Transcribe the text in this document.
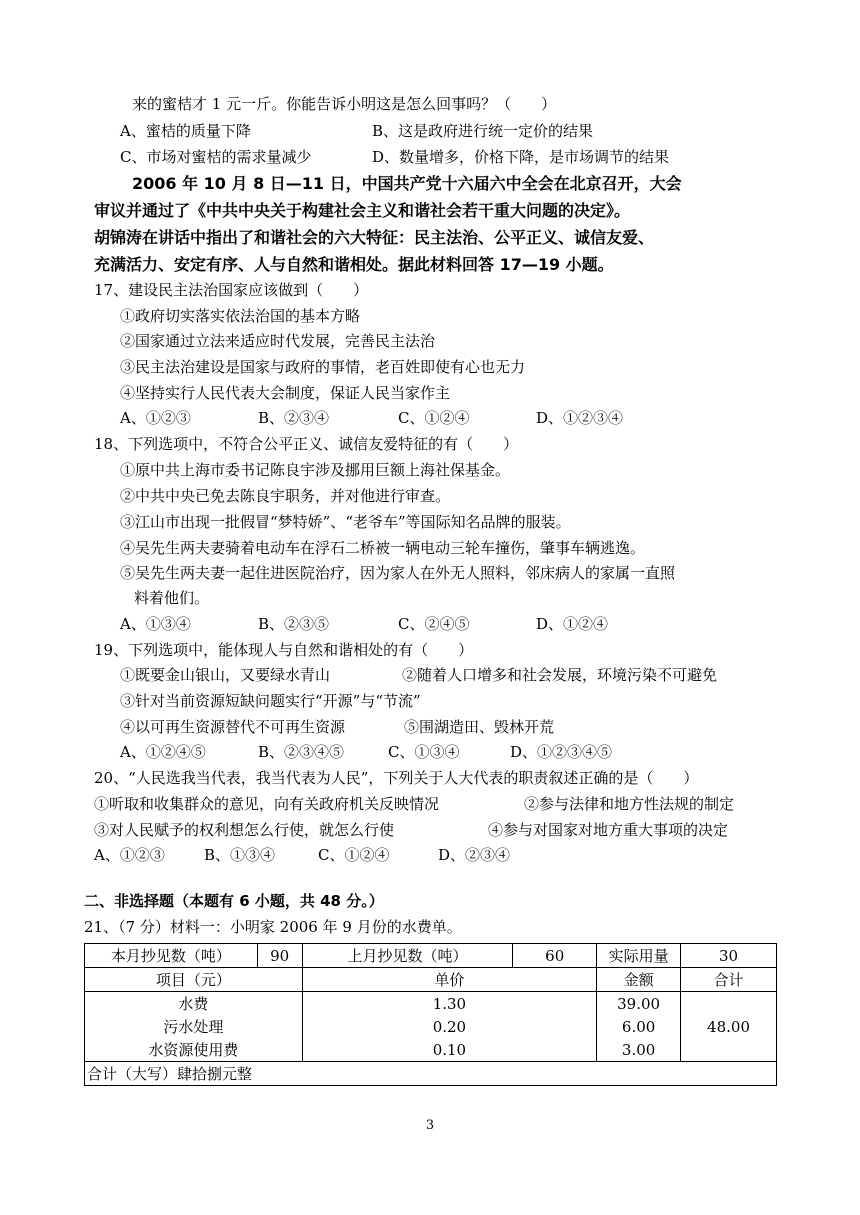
来的蜜桔才 1 元一斤。你能告诉小明这是怎么回事吗？（　　）
A、蜜桔的质量下降	B、这是政府进行统一定价的结果
C、市场对蜜桔的需求量减少	D、数量增多，价格下降，是市场调节的结果
2006 年 10 月 8 日—11 日，中国共产党十六届六中全会在北京召开，大会
审议并通过了《中共中央关于构建社会主义和谐社会若干重大问题的决定》。
胡锦涛在讲话中指出了和谐社会的六大特征：民主法治、公平正义、诚信友爱、
充满活力、安定有序、人与自然和谐相处。据此材料回答 17—19 小题。
17、建设民主法治国家应该做到（　　）
①政府切实落实依法治国的基本方略
②国家通过立法来适应时代发展，完善民主法治
③民主法治建设是国家与政府的事情，老百姓即使有心也无力
④坚持实行人民代表大会制度，保证人民当家作主
A、①②③	B、②③④	C、①②④	D、①②③④
18、下列选项中，不符合公平正义、诚信友爱特征的有（　　）
①原中共上海市委书记陈良宇涉及挪用巨额上海社保基金。
②中共中央已免去陈良宇职务，并对他进行审查。
③江山市出现一批假冒“梦特娇”、“老爷车”等国际知名品牌的服装。
④吴先生两夫妻骑着电动车在浮石二桥被一辆电动三轮车撞伤，肇事车辆逃逸。
⑤吴先生两夫妻一起住进医院治疗，因为家人在外无人照料，邻床病人的家属一直照
料着他们。
A、①③④	B、②③⑤	C、②④⑤	D、①②④
19、下列选项中，能体现人与自然和谐相处的有（　　）
①既要金山银山，又要绿水青山	②随着人口增多和社会发展，环境污染不可避免
③针对当前资源短缺问题实行“开源”与“节流”
④以可再生资源替代不可再生资源	⑤围湖造田、毁林开荒
A、①②④⑤	B、②③④⑤	C、①③④	D、①②③④⑤
20、“人民选我当代表，我当代表为人民”，下列关于人大代表的职责叙述正确的是（　　）
①听取和收集群众的意见，向有关政府机关反映情况	②参与法律和地方性法规的制定
③对人民赋予的权利想怎么行使，就怎么行使	④参与对国家对地方重大事项的决定
A、①②③	B、①③④	C、①②④	D、②③④
二、非选择题（本题有 6 小题，共 48 分。）
21、（7 分）材料一：小明家 2006 年 9 月份的水费单。
本月抄见数（吨）	90	上月抄见数（吨）	60	实际用量	30
项目（元）		单价		金额	合计
水费		1.30		39.00	48.00
污水处理		0.20		6.00	
水资源使用费		0.10		3.00	
合计（大写）肆拾捌元整					
3
